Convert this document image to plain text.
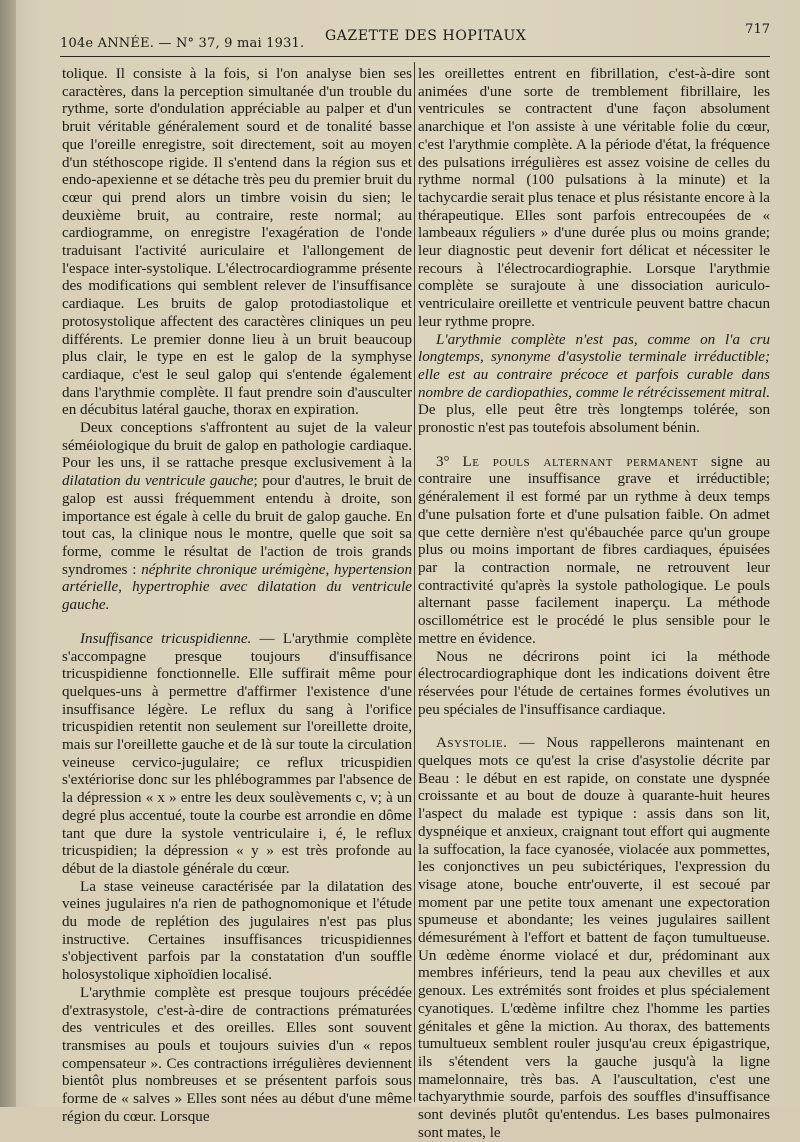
104e ANNÉE. — N° 37, 9 mai 1931. GAZETTE DES HOPITAUX	717

tolique. Il consiste à la fois, si l'on analyse bien ses caractères, dans la perception simultanée d'un trouble du rythme, sorte d'ondulation appréciable au palper et d'un bruit véritable généralement sourd et de tonalité basse que l'oreille enregistre, soit directement, soit au moyen d'un stéthoscope rigide. Il s'entend dans la région sus et endo-apexienne et se détache très peu du premier bruit du cœur qui prend alors un timbre voisin du sien; le deuxième bruit, au contraire, reste normal; au cardiogramme, on enregistre l'exagération de l'onde traduisant l'activité auriculaire et l'allongement de l'espace inter-systolique. L'électrocardiogramme présente des modifications qui semblent relever de l'insuffisance cardiaque. Les bruits de galop protodiastolique et protosystolique affectent des caractères cliniques un peu différents. Le premier donne lieu à un bruit beaucoup plus clair, le type en est le galop de la symphyse cardiaque, c'est le seul galop qui s'entende également dans l'arythmie complète. Il faut prendre soin d'ausculter en décubitus latéral gauche, thorax en expiration.

Deux conceptions s'affrontent au sujet de la valeur séméiologique du bruit de galop en pathologie cardiaque. Pour les uns, il se rattache presque exclusivement à la dilatation du ventricule gauche; pour d'autres, le bruit de galop est aussi fréquemment entendu à droite, son importance est égale à celle du bruit de galop gauche. En tout cas, la clinique nous le montre, quelle que soit sa forme, comme le résultat de l'action de trois grands syndromes : néphrite chronique urémigène, hypertension artérielle, hypertrophie avec dilatation du ventricule gauche.

Insuffisance tricuspidienne. — L'arythmie complète s'accompagne presque toujours d'insuffisance tricuspidienne fonctionnelle. Elle suffirait même pour quelques-uns à permettre d'affirmer l'existence d'une insuffisance légère. Le reflux du sang à l'orifice tricuspidien retentit non seulement sur l'oreillette droite, mais sur l'oreillette gauche et de là sur toute la circulation veineuse cervico-jugulaire; ce reflux tricuspidien s'extériorise donc sur les phlébogrammes par l'absence de la dépression « x » entre les deux soulèvements c, v; à un degré plus accentué, toute la courbe est arrondie en dôme tant que dure la systole ventriculaire i, é, le reflux tricuspidien; la dépression « y » est très profonde au début de la diastole générale du cœur.

La stase veineuse caractérisée par la dilatation des veines jugulaires n'a rien de pathognomonique et l'étude du mode de replétion des jugulaires n'est pas plus instructive. Certaines insuffisances tricuspidiennes s'objectivent parfois par la constatation d'un souffle holosystolique xiphoïdien localisé.

L'arythmie complète est presque toujours précédée d'extrasystole, c'est-à-dire de contractions prématurées des ventricules et des oreilles. Elles sont souvent transmises au pouls et toujours suivies d'un « repos compensateur ». Ces contractions irrégulières deviennent bientôt plus nombreuses et se présentent parfois sous forme de « salves » Elles sont nées au début d'une même région du cœur. Lorsque

les oreillettes entrent en fibrillation, c'est-à-dire sont animées d'une sorte de tremblement fibrillaire, les ventricules se contractent d'une façon absolument anarchique et l'on assiste à une véritable folie du cœur, c'est l'arythmie complète. A la période d'état, la fréquence des pulsations irrégulières est assez voisine de celles du rythme normal (100 pulsations à la minute) et la tachycardie serait plus tenace et plus résistante encore à la thérapeutique. Elles sont parfois entrecoupées de « lambeaux réguliers » d'une durée plus ou moins grande; leur diagnostic peut devenir fort délicat et nécessiter le recours à l'électrocardiographie. Lorsque l'arythmie complète se surajoute à une dissociation auriculo-ventriculaire oreillette et ventricule peuvent battre chacun leur rythme propre.

L'arythmie complète n'est pas, comme on l'a cru longtemps, synonyme d'asystolie terminale irréductible; elle est au contraire précoce et parfois curable dans nombre de cardiopathies, comme le rétrécissement mitral. De plus, elle peut être très longtemps tolérée, son pronostic n'est pas toutefois absolument bénin.

3° Le pouls alternant permanent signe au contraire une insuffisance grave et irréductible; généralement il est formé par un rythme à deux temps d'une pulsation forte et d'une pulsation faible. On admet que cette dernière n'est qu'ébauchée parce qu'un groupe plus ou moins important de fibres cardiaques, épuisées par la contraction normale, ne retrouvent leur contractivité qu'après la systole pathologique. Le pouls alternant passe facilement inaperçu. La méthode oscillométrice est le procédé le plus sensible pour le mettre en évidence.

Nous ne décrirons point ici la méthode électrocardiographique dont les indications doivent être réservées pour l'étude de certaines formes évolutives un peu spéciales de l'insuffisance cardiaque.

Asystolie. — Nous rappellerons maintenant en quelques mots ce qu'est la crise d'asystolie décrite par Beau : le début en est rapide, on constate une dyspnée croissante et au bout de douze à quarante-huit heures l'aspect du malade est typique : assis dans son lit, dyspnéique et anxieux, craignant tout effort qui augmente la suffocation, la face cyanosée, violacée aux pommettes, les conjonctives un peu subictériques, l'expression du visage atone, bouche entr'ouverte, il est secoué par moment par une petite toux amenant une expectoration spumeuse et abondante; les veines jugulaires saillent démesurément à l'effort et battent de façon tumultueuse. Un œdème énorme violacé et dur, prédominant aux membres inférieurs, tend la peau aux chevilles et aux genoux. Les extrémités sont froides et plus spécialement cyanotiques. L'œdème infiltre chez l'homme les parties génitales et gêne la miction. Au thorax, des battements tumultueux semblent rouler jusqu'au creux épigastrique, ils s'étendent vers la gauche jusqu'à la ligne mamelonnaire, très bas. A l'auscultation, c'est une tachyarythmie sourde, parfois des souffles d'insuffisance sont devinés plutôt qu'entendus. Les bases pulmonaires sont mates, le
